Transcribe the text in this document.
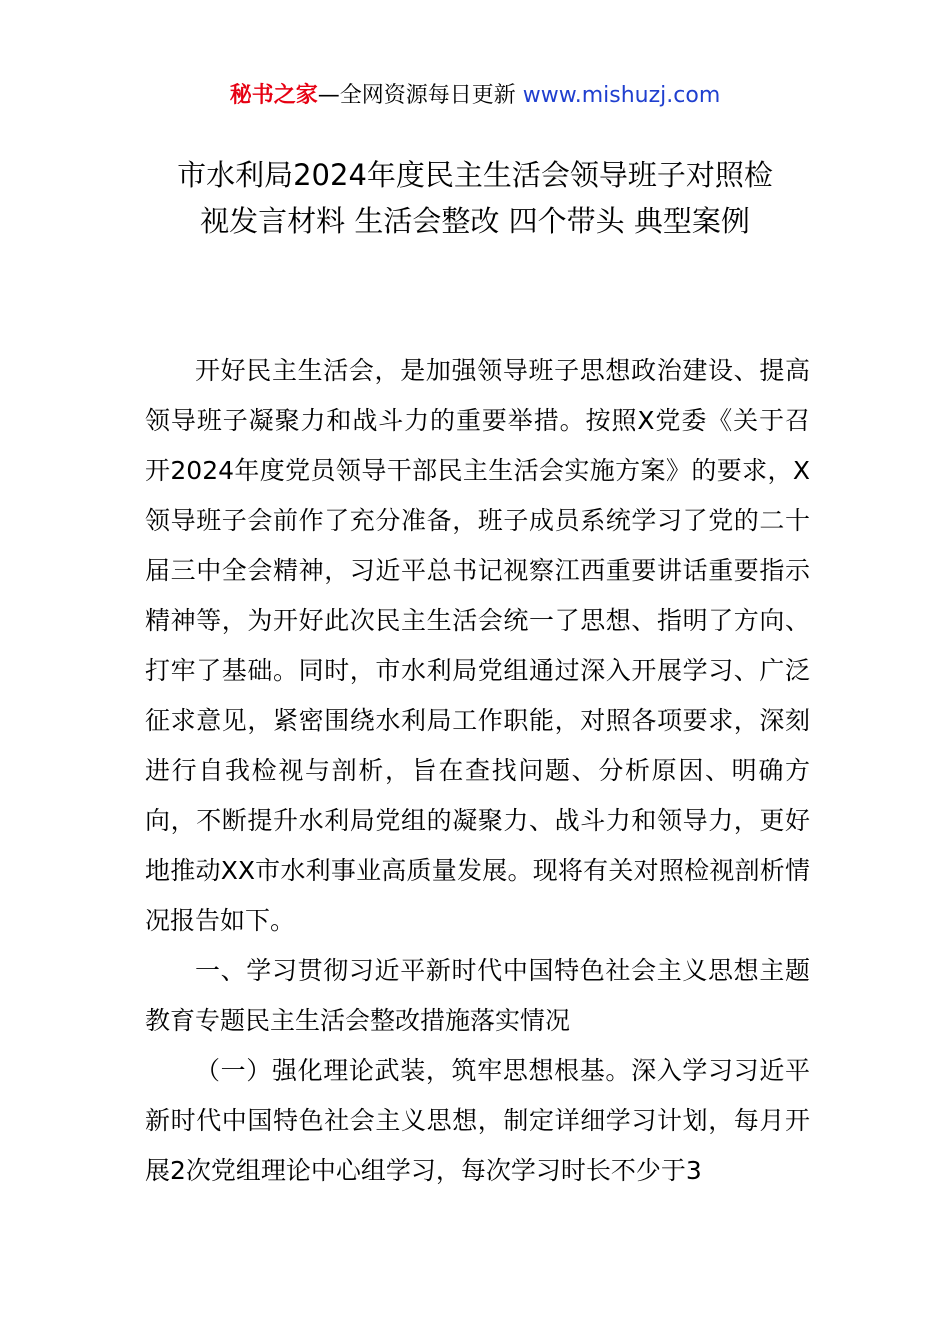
秘书之家—全网资源每日更新 www.mishuzj.com
市水利局2024年度民主生活会领导班子对照检
视发言材料 生活会整改 四个带头 典型案例

开好民主生活会，是加强领导班子思想政治建设、提高领导班子凝聚力和战斗力的重要举措。按照X党委《关于召开2024年度党员领导干部民主生活会实施方案》的要求，X领导班子会前作了充分准备，班子成员系统学习了党的二十届三中全会精神，习近平总书记视察江西重要讲话重要指示精神等，为开好此次民主生活会统一了思想、指明了方向、打牢了基础。同时，市水利局党组通过深入开展学习、广泛征求意见，紧密围绕水利局工作职能，对照各项要求，深刻进行自我检视与剖析，旨在查找问题、分析原因、明确方向，不断提升水利局党组的凝聚力、战斗力和领导力，更好地推动XX市水利事业高质量发展。现将有关对照检视剖析情况报告如下。

一、学习贯彻习近平新时代中国特色社会主义思想主题教育专题民主生活会整改措施落实情况

（一）强化理论武装，筑牢思想根基。深入学习习近平新时代中国特色社会主义思想，制定详细学习计划，每月开展2次党组理论中心组学习，每次学习时长不少于3
